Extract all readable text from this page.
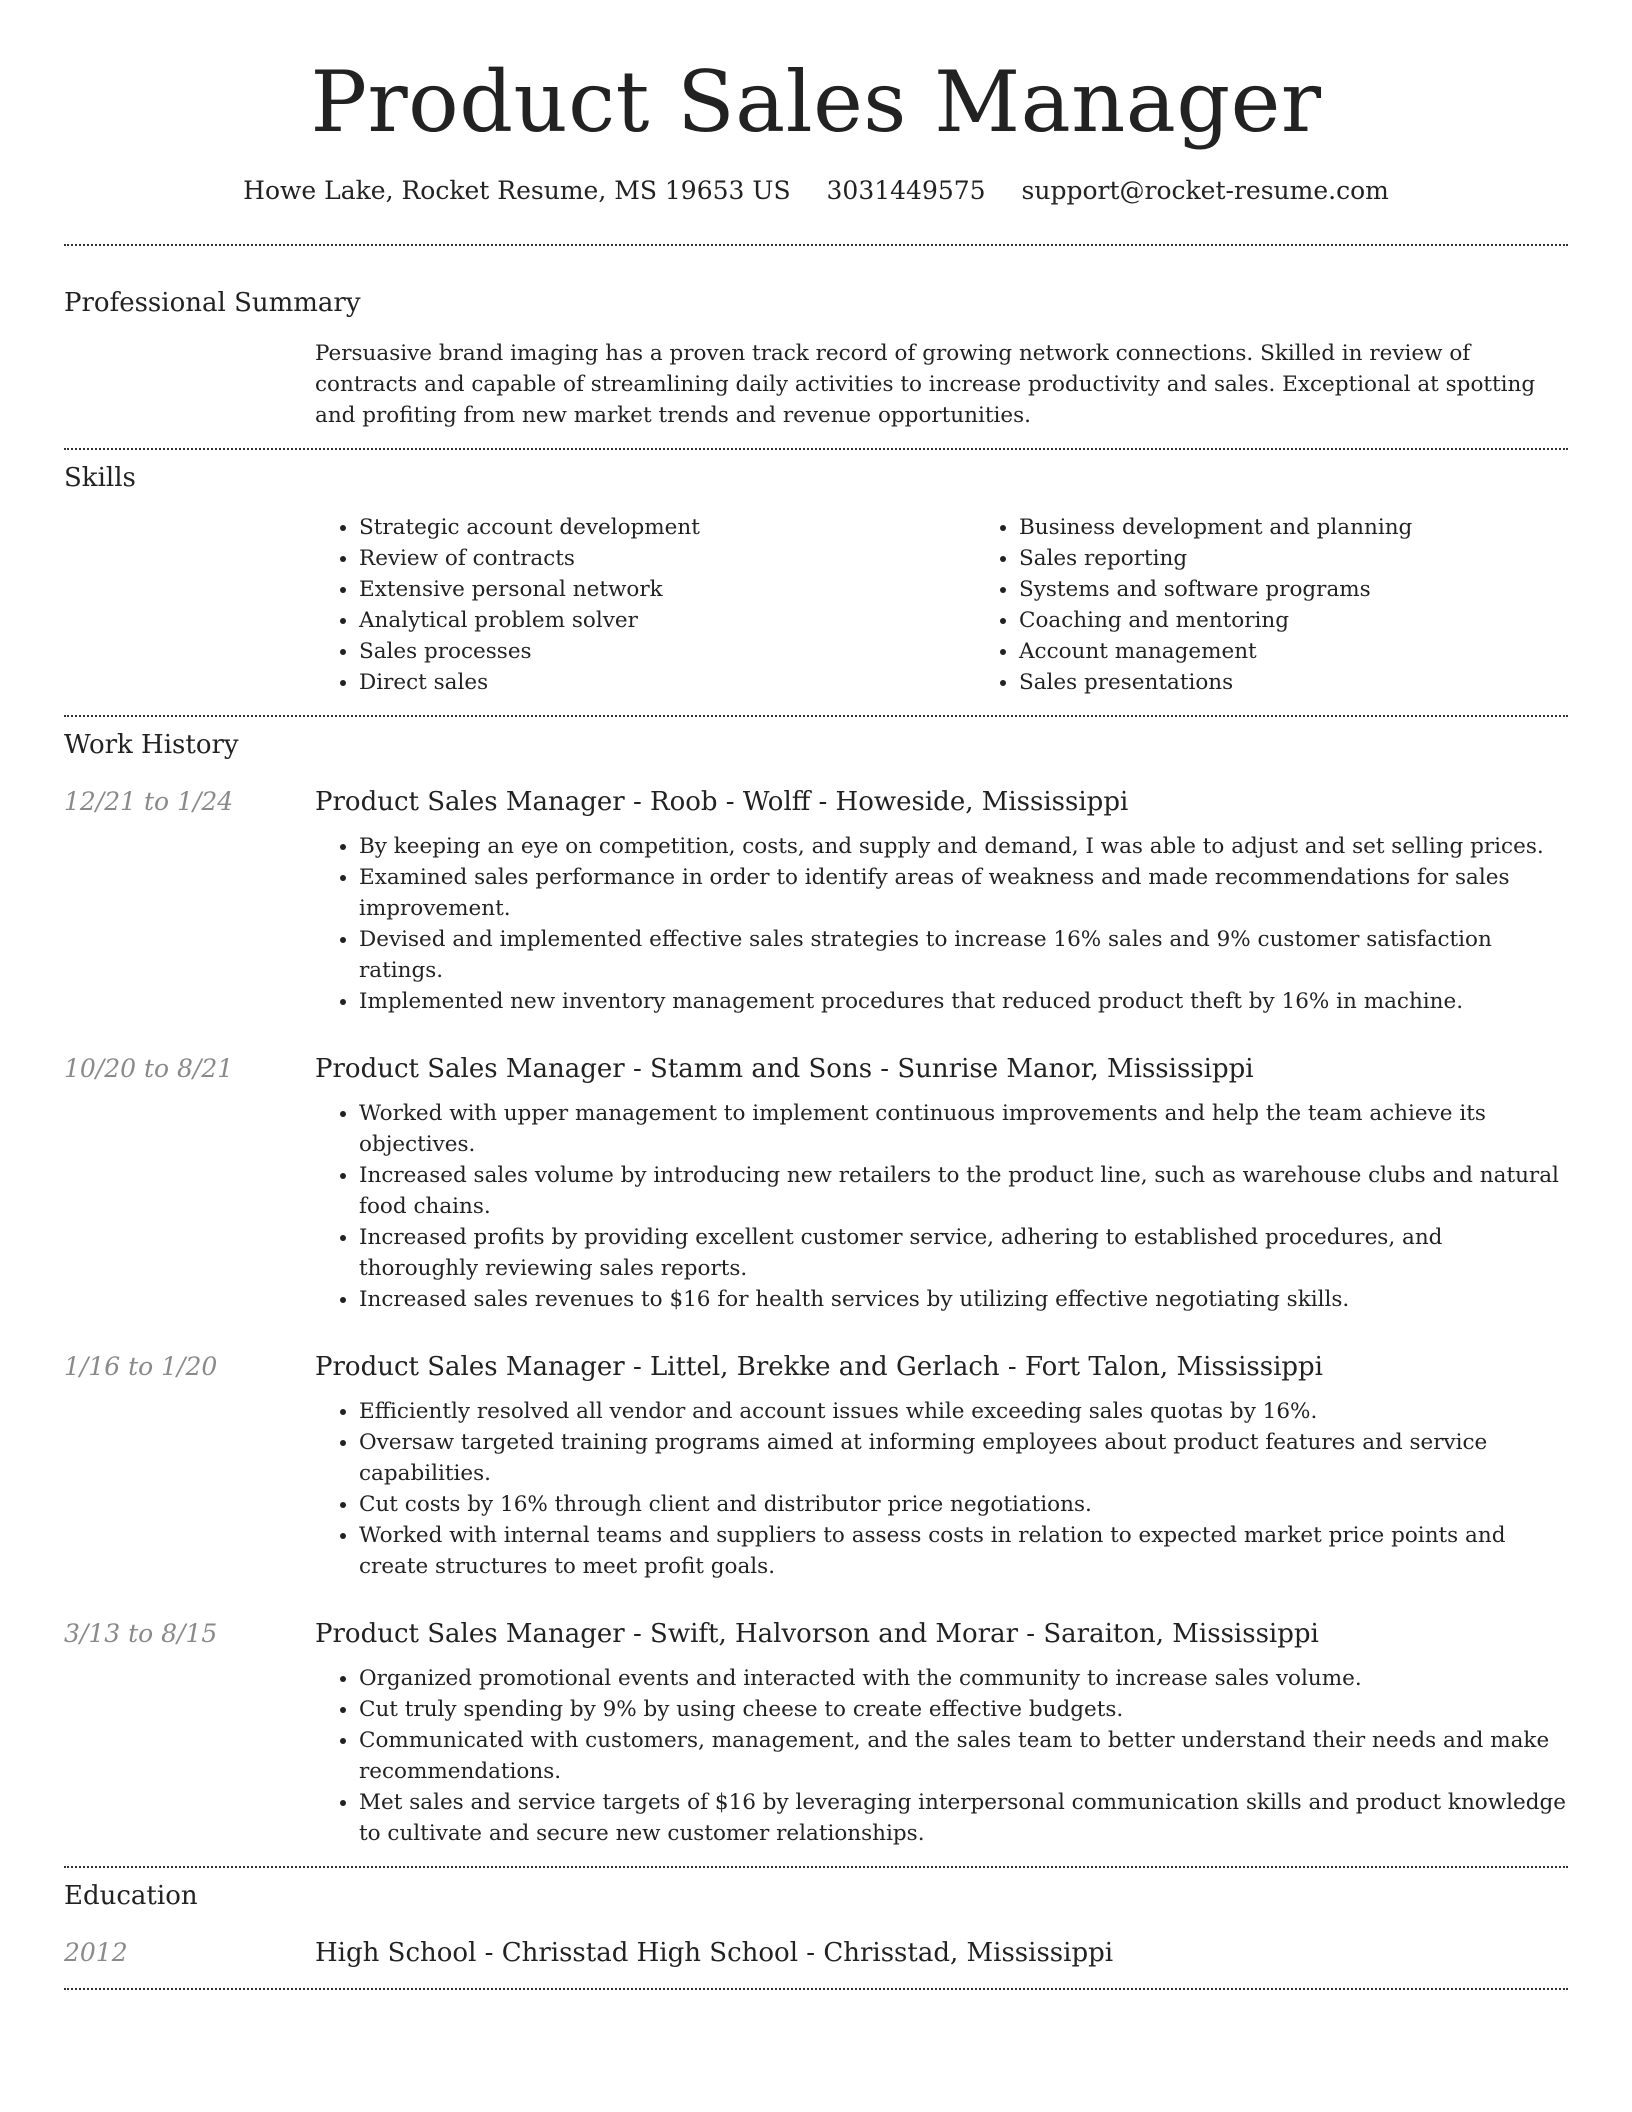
Product Sales Manager
Howe Lake, Rocket Resume, MS 19653 US 3031449575 support@rocket-resume.com
Professional Summary

Persuasive brand imaging has a proven track record of growing network connections. Skilled in review of contracts and capable of streamlining daily activities to increase productivity and sales. Exceptional at spotting and profiting from new market trends and revenue opportunities.

Skills
• Strategic account development
• Review of contracts
• Extensive personal network
• Analytical problem solver
• Sales processes
• Direct sales
• Business development and planning
• Sales reporting
• Systems and software programs
• Coaching and mentoring
• Account management
• Sales presentations
Work History
12/21 to 1/24	Product Sales Manager - Roob - Wolff - Howeside, Mississippi
• By keeping an eye on competition, costs, and supply and demand, I was able to adjust and set selling prices.
• Examined sales performance in order to identify areas of weakness and made recommendations for sales improvement.
• Devised and implemented effective sales strategies to increase 16% sales and 9% customer satisfaction ratings.
• Implemented new inventory management procedures that reduced product theft by 16% in machine.
10/20 to 8/21	Product Sales Manager - Stamm and Sons - Sunrise Manor, Mississippi
• Worked with upper management to implement continuous improvements and help the team achieve its objectives.
• Increased sales volume by introducing new retailers to the product line, such as warehouse clubs and natural food chains.
• Increased profits by providing excellent customer service, adhering to established procedures, and thoroughly reviewing sales reports.
• Increased sales revenues to $16 for health services by utilizing effective negotiating skills.
1/16 to 1/20	Product Sales Manager - Littel, Brekke and Gerlach - Fort Talon, Mississippi
• Efficiently resolved all vendor and account issues while exceeding sales quotas by 16%.
• Oversaw targeted training programs aimed at informing employees about product features and service capabilities.
• Cut costs by 16% through client and distributor price negotiations.
• Worked with internal teams and suppliers to assess costs in relation to expected market price points and create structures to meet profit goals.
3/13 to 8/15	Product Sales Manager - Swift, Halvorson and Morar - Saraiton, Mississippi
• Organized promotional events and interacted with the community to increase sales volume.
• Cut truly spending by 9% by using cheese to create effective budgets.
• Communicated with customers, management, and the sales team to better understand their needs and make recommendations.
• Met sales and service targets of $16 by leveraging interpersonal communication skills and product knowledge to cultivate and secure new customer relationships.
Education
2012	High School - Chrisstad High School - Chrisstad, Mississippi
